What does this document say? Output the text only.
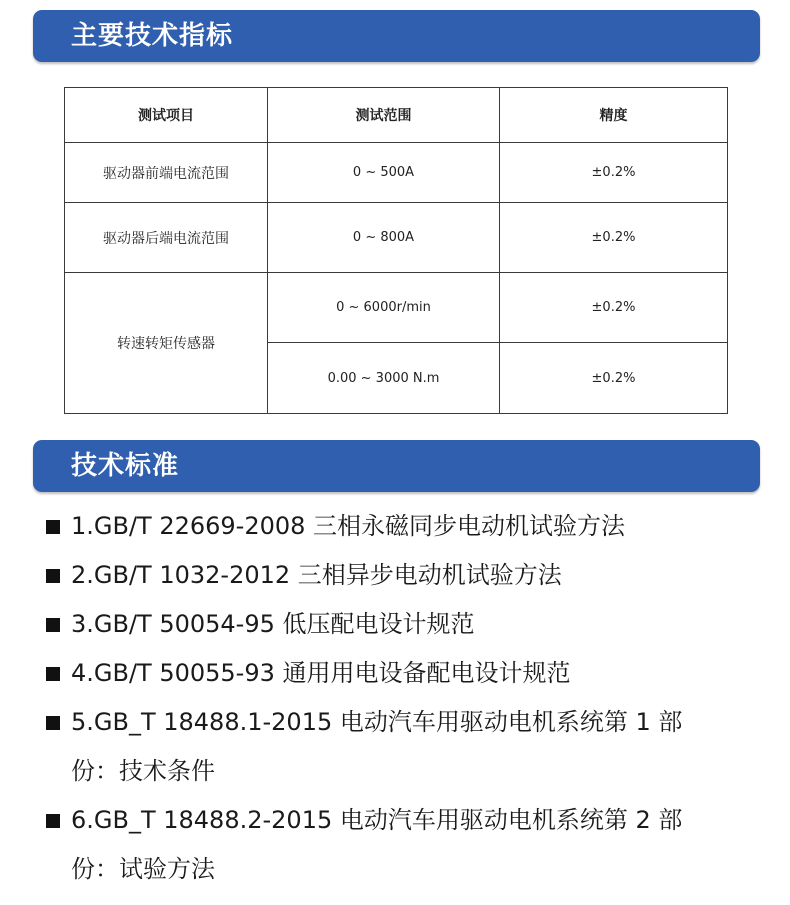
主要技术指标
测试项目	测试范围	精度
驱动器前端电流范围	0 ~ 500A	±0.2%
驱动器后端电流范围	0 ~ 800A	±0.2%
转速转矩传感器	0 ~ 6000r/min	±0.2%
	0.00 ~ 3000 N.m	±0.2%
技术标准
1.GB/T 22669-2008 三相永磁同步电动机试验方法
2.GB/T 1032-2012 三相异步电动机试验方法
3.GB/T 50054-95 低压配电设计规范
4.GB/T 50055-93 通用用电设备配电设计规范
5.GB_T 18488.1-2015 电动汽车用驱动电机系统第 1 部
份：技术条件
6.GB_T 18488.2-2015 电动汽车用驱动电机系统第 2 部
份：试验方法
